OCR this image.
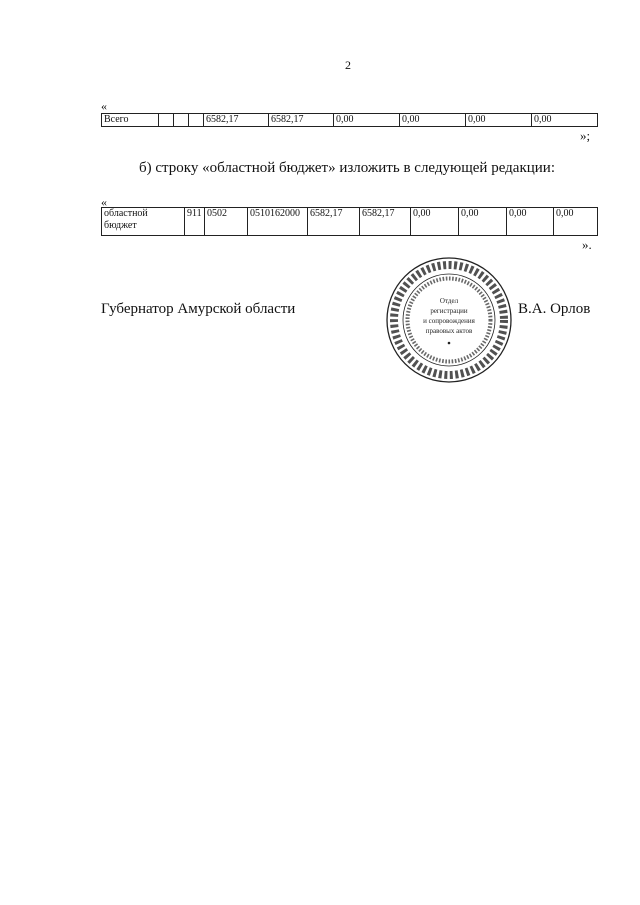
2
«
Всего				6582,17	6582,17	0,00	0,00	0,00	0,00
»;
б) строку «областной бюджет» изложить в следующей редакции:
«
областной бюджет	911	0502	0510162000	6582,17	6582,17	0,00	0,00	0,00	0,00
».
Губернатор Амурской области	Отдел
регистрации
и сопровождения
правовых актов
В.А. Орлов
